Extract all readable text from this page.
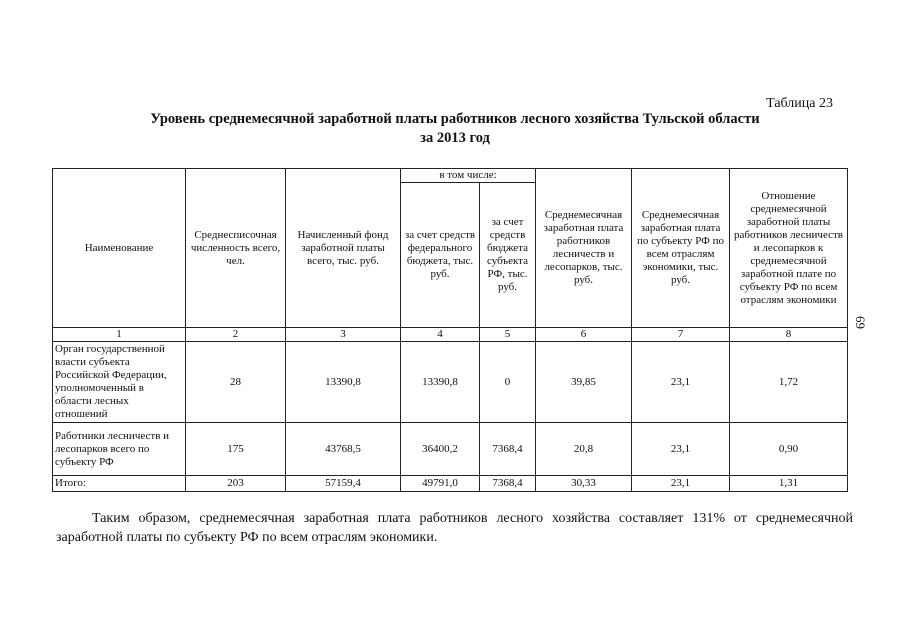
Таблица 23
Уровень среднемесячной заработной платы работников лесного хозяйства Тульской области
за 2013 год
Наименование	Среднесписочная численность всего, чел.	Начисленный фонд заработной платы всего, тыс. руб.	в том числе:		Среднемесячная заработная плата работников лесничеств и лесопарков, тыс. руб.	Среднемесячная заработная плата по субъекту РФ по всем отраслям экономики, тыс. руб.	Отношение среднемесячной заработной платы работников лесничеств и лесопарков к среднемесячной заработной плате по субъекту РФ по всем отраслям экономики
			за счет средств федерального бюджета, тыс. руб.	за счет средств бюджета субъекта РФ, тыс. руб.			
1	2	3	4	5	6	7	8
Орган государственной власти субъекта Российской Федерации, уполномоченный в области лесных отношений	28	13390,8	13390,8	0	39,85	23,1	1,72
Работники лесничеств и лесопарков всего по субъекту РФ	175	43768,5	36400,2	7368,4	20,8	23,1	0,90
Итого:	203	57159,4	49791,0	7368,4	30,33	23,1	1,31
69
Таким образом, среднемесячная заработная плата работников лесного хозяйства составляет 131% от среднемесячной заработной платы по субъекту РФ по всем отраслям экономики.
